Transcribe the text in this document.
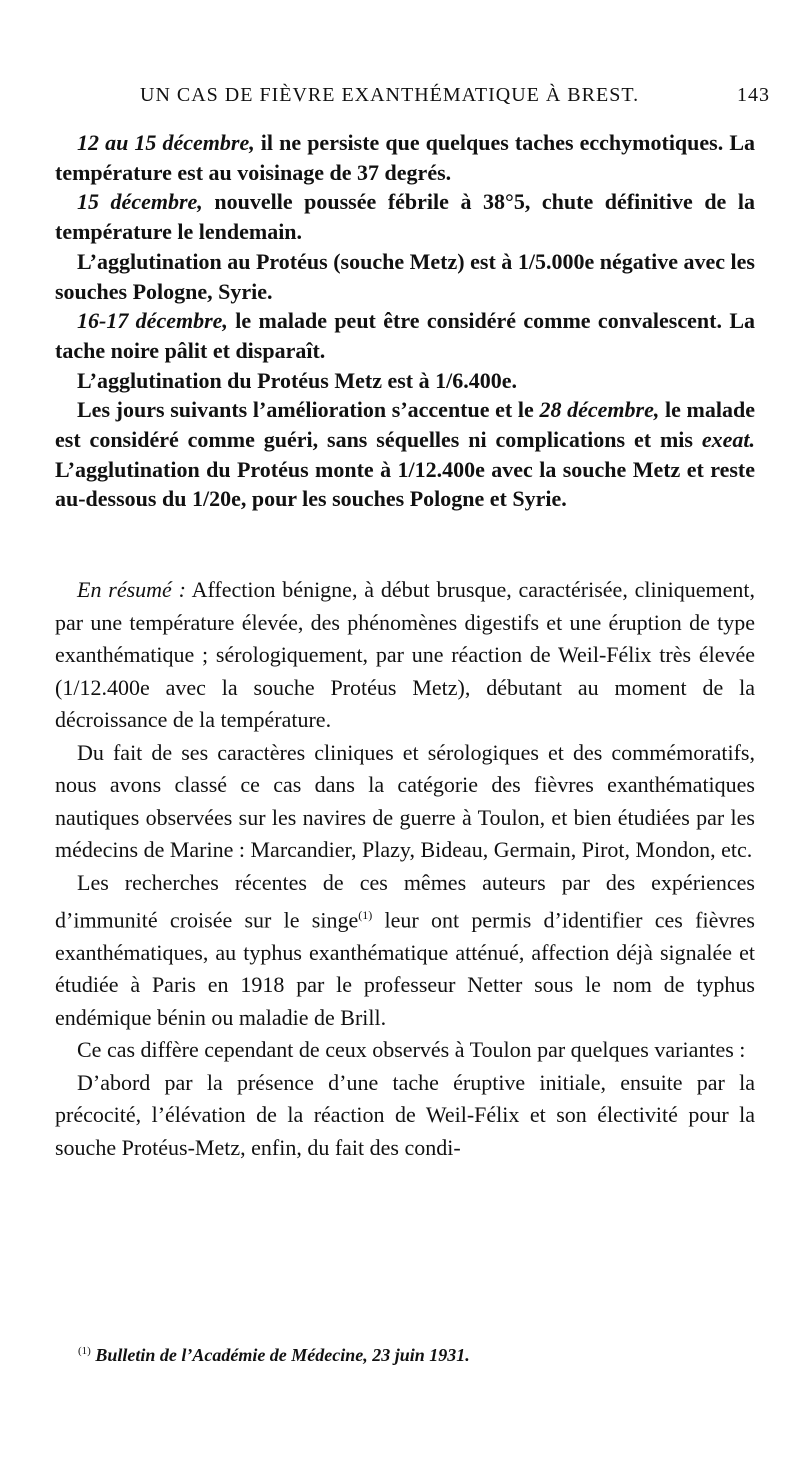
UN CAS DE FIÈVRE EXANTHÉMATIQUE À BREST.	143

12 au 15 décembre, il ne persiste que quelques taches ecchymotiques. La température est au voisinage de 37 degrés.

15 décembre, nouvelle poussée fébrile à 38°5, chute définitive de la température le lendemain.

L’agglutination au Protéus (souche Metz) est à 1/5.000e négative avec les souches Pologne, Syrie.

16-17 décembre, le malade peut être considéré comme convalescent. La tache noire pâlit et disparaît.

L’agglutination du Protéus Metz est à 1/6.400e.

Les jours suivants l’amélioration s’accentue et le 28 décembre, le malade est considéré comme guéri, sans séquelles ni complications et mis exeat. L’agglutination du Protéus monte à 1/12.400e avec la souche Metz et reste au-dessous du 1/20e, pour les souches Pologne et Syrie.

En résumé : Affection bénigne, à début brusque, caractérisée, cliniquement, par une température élevée, des phénomènes digestifs et une éruption de type exanthématique ; sérologiquement, par une réaction de Weil-Félix très élevée (1/12.400e avec la souche Protéus Metz), débutant au moment de la décroissance de la température.

Du fait de ses caractères cliniques et sérologiques et des commémoratifs, nous avons classé ce cas dans la catégorie des fièvres exanthématiques nautiques observées sur les navires de guerre à Toulon, et bien étudiées par les médecins de Marine : Marcandier, Plazy, Bideau, Germain, Pirot, Mondon, etc.

Les recherches récentes de ces mêmes auteurs par des expériences d’immunité croisée sur le singe$^{(1)}$ leur ont permis d’identifier ces fièvres exanthématiques, au typhus exanthématique atténué, affection déjà signalée et étudiée à Paris en 1918 par le professeur Netter sous le nom de typhus endémique bénin ou maladie de Brill.

Ce cas diffère cependant de ceux observés à Toulon par quelques variantes :

D’abord par la présence d’une tache éruptive initiale, ensuite par la précocité, l’élévation de la réaction de Weil-Félix et son électivité pour la souche Protéus-Metz, enfin, du fait des condi-

$^{(1)}$ Bulletin de l’Académie de Médecine, 23 juin 1931.
